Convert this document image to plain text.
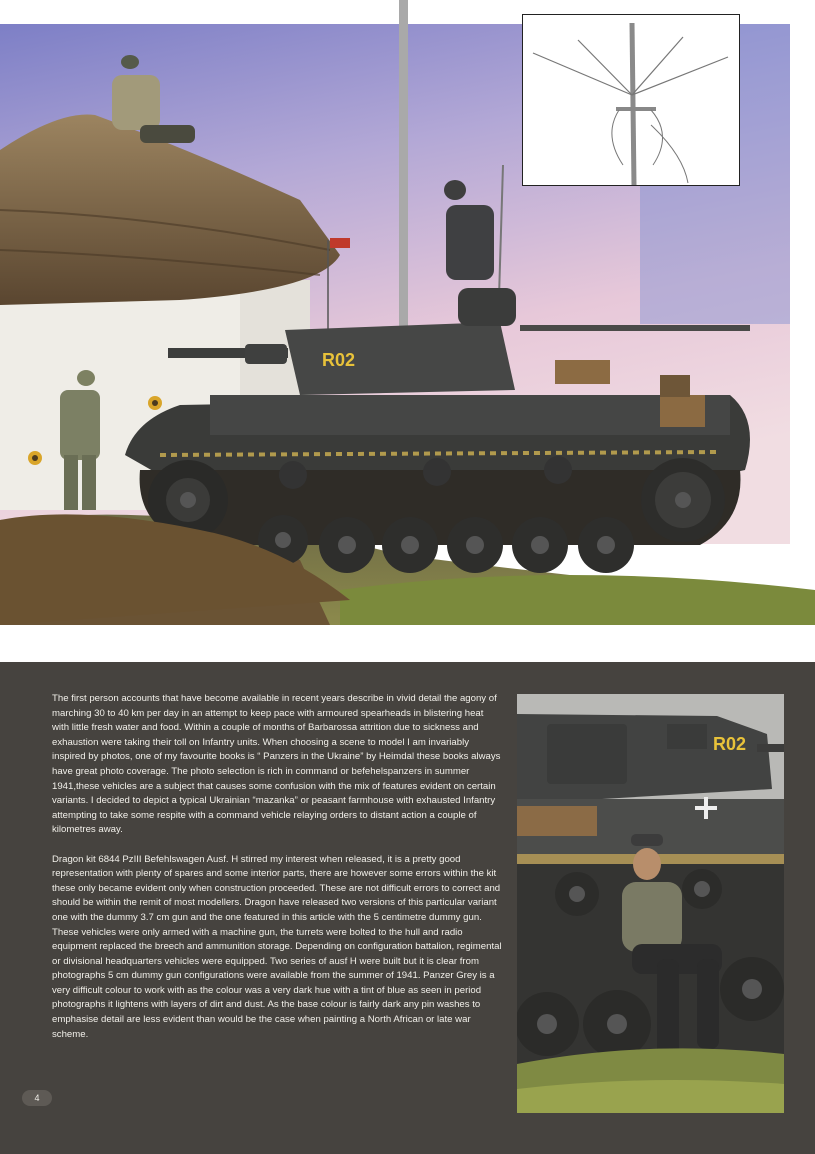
R02

The first person accounts that have become available in recent years describe in vivid detail the agony of marching 30 to 40 km per day in an attempt to keep pace with armoured spearheads in blistering heat with little fresh water and food. Within a couple of months of Barbarossa attrition due to sickness and exhaustion were taking their toll on Infantry units. When choosing a scene to model I am invariably inspired by photos, one of my favourite books is “ Panzers in the Ukraine” by Heimdal these books always have great photo coverage. The photo selection is rich in command or befehelspanzers in summer 1941,these vehicles are a subject that causes some confusion with the mix of features evident on certain variants. I decided to depict a typical Ukrainian “mazanka” or peasant farmhouse with exhausted Infantry attempting to take some respite with a command vehicle relaying orders to distant action a couple of kilometres away.

Dragon kit 6844 PzIII Befehlswagen Ausf. H stirred my interest when released, it is a pretty good representation with plenty of spares and some interior parts, there are however some errors within the kit these only became evident only when construction proceeded. These are not difficult errors to correct and should be within the remit of most modellers. Dragon have released two versions of this particular variant one with the dummy 3.7 cm gun and the one featured in this article with the 5 centimetre dummy gun. These vehicles were only armed with a machine gun, the turrets were bolted to the hull and radio equipment replaced the breech and ammunition storage. Depending on configuration battalion, regimental or divisional headquarters vehicles were equipped. Two series of ausf H were built but it is clear from photographs 5 cm dummy gun configurations were available from the summer of 1941. Panzer Grey is a very difficult colour to work with as the colour was a very dark hue with a tint of blue as seen in period photographs it lightens with layers of dirt and dust. As the base colour is fairly dark any pin washes to emphasise detail are less evident than would be the case when painting a North African or late war scheme.

R02
4
